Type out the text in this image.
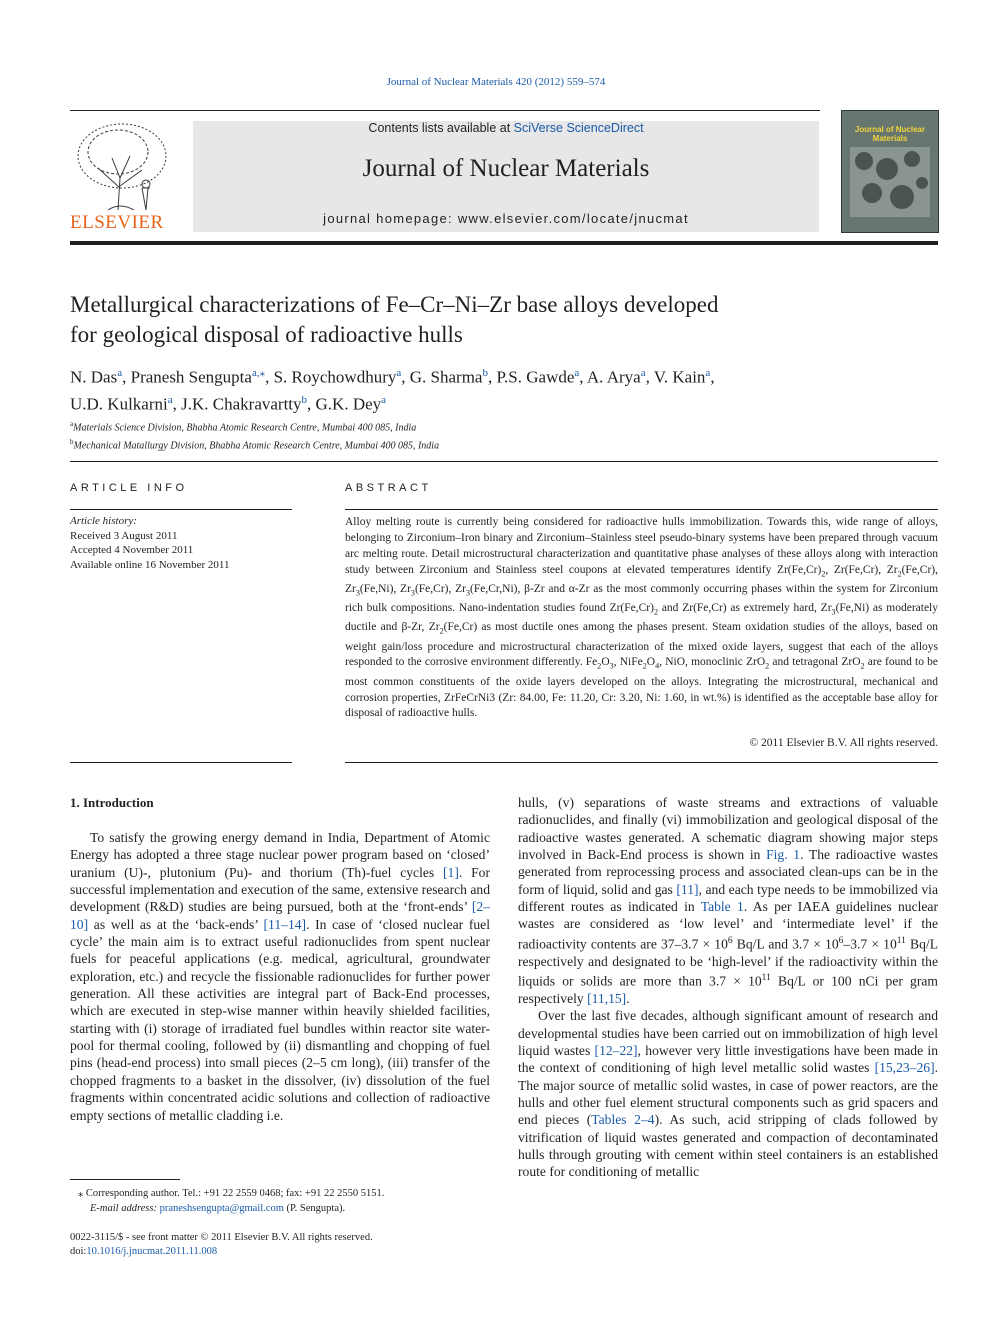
Journal of Nuclear Materials 420 (2012) 559–574
ELSEVIER
Contents lists available at SciVerse ScienceDirect
Journal of Nuclear Materials
journal homepage: www.elsevier.com/locate/jnucmat
Journal of Nuclear Materials
Metallurgical characterizations of Fe–Cr–Ni–Zr base alloys developed
for geological disposal of radioactive hulls
N. Das$^a$, Pranesh Sengupta$^{a,⁎}$, S. Roychowdhury$^a$, G. Sharma$^b$, P.S. Gawde$^a$, A. Arya$^a$, V. Kain$^a$,
U.D. Kulkarni$^a$, J.K. Chakravartty$^b$, G.K. Dey$^a$
$^a$Materials Science Division, Bhabha Atomic Research Centre, Mumbai 400 085, India
$^b$Mechanical Matallurgy Division, Bhabha Atomic Research Centre, Mumbai 400 085, India
ARTICLE INFO	ABSTRACT
Article history:
Received 3 August 2011
Accepted 4 November 2011
Available online 16 November 2011
Alloy melting route is currently being considered for radioactive hulls immobilization. Towards this, wide range of alloys, belonging to Zirconium–Iron binary and Zirconium–Stainless steel pseudo-binary systems have been prepared through vacuum arc melting route. Detail microstructural characterization and quantitative phase analyses of these alloys along with interaction study between Zirconium and Stainless steel coupons at elevated temperatures identify $Zr(Fe,Cr)_2$, Zr(Fe,Cr), $Zr_2(Fe,Cr)$, $Zr_3(Fe,Ni)$, $Zr_3(Fe,Cr)$, $Zr_3(Fe,Cr,Ni)$, β-Zr and α-Zr as the most commonly occurring phases within the system for Zirconium rich bulk compositions. Nano-indentation studies found $Zr(Fe,Cr)_2$ and Zr(Fe,Cr) as extremely hard, $Zr_3(Fe,Ni)$ as moderately ductile and β-Zr, $Zr_2(Fe,Cr)$ as most ductile ones among the phases present. Steam oxidation studies of the alloys, based on weight gain/loss procedure and microstructural characterization of the mixed oxide layers, suggest that each of the alloys responded to the corrosive environment differently. $Fe_2O_3$, $NiFe_2O_4$, NiO, monoclinic ZrO$_2$ and tetragonal ZrO$_2$ are found to be most common constituents of the oxide layers developed on the alloys. Integrating the microstructural, mechanical and corrosion properties, ZrFeCrNi3 (Zr: 84.00, Fe: 11.20, Cr: 3.20, Ni: 1.60, in wt.%) is identified as the acceptable base alloy for disposal of radioactive hulls.
© 2011 Elsevier B.V. All rights reserved.
1. Introduction

To satisfy the growing energy demand in India, Department of Atomic Energy has adopted a three stage nuclear power program based on ‘closed’ uranium (U)-, plutonium (Pu)- and thorium (Th)-fuel cycles [1]. For successful implementation and execution of the same, extensive research and development (R&D) studies are being pursued, both at the ‘front-ends’ [2–10] as well as at the ‘back-ends’ [11–14]. In case of ‘closed nuclear fuel cycle’ the main aim is to extract useful radionuclides from spent nuclear fuels for peaceful applications (e.g. medical, agricultural, groundwater exploration, etc.) and recycle the fissionable radionuclides for further power generation. All these activities are integral part of Back-End processes, which are executed in step-wise manner within heavily shielded facilities, starting with (i) storage of irradiated fuel bundles within reactor site water-pool for thermal cooling, followed by (ii) dismantling and chopping of fuel pins (head-end process) into small pieces (2–5 cm long), (iii) transfer of the chopped fragments to a basket in the dissolver, (iv) dissolution of the fuel fragments within concentrated acidic solutions and collection of radioactive empty sections of metallic cladding i.e.

hulls, (v) separations of waste streams and extractions of valuable radionuclides, and finally (vi) immobilization and geological disposal of the radioactive wastes generated. A schematic diagram showing major steps involved in Back-End process is shown in Fig. 1. The radioactive wastes generated from reprocessing process and associated clean-ups can be in the form of liquid, solid and gas [11], and each type needs to be immobilized via different routes as indicated in Table 1. As per IAEA guidelines nuclear wastes are considered as ‘low level’ and ‘intermediate level’ if the radioactivity contents are $37-3.7 \times 10^6$ Bq/L and $3.7 \times 10^6-3.7 \times 10^{11}$ Bq/L respectively and designated to be ‘high-level’ if the radioactivity within the liquids or solids are more than $3.7 \times 10^{11}$ Bq/L or 100 nCi per gram respectively [11,15].

Over the last five decades, although significant amount of research and developmental studies have been carried out on immobilization of high level liquid wastes [12–22], however very little investigations have been made in the context of conditioning of high level metallic solid wastes [15,23–26]. The major source of metallic solid wastes, in case of power reactors, are the hulls and other fuel element structural components such as grid spacers and end pieces (Tables 2–4). As such, acid stripping of clads followed by vitrification of liquid wastes generated and compaction of decontaminated hulls through grouting with cement within steel containers is an established route for conditioning of metallic

⁎ Corresponding author. Tel.: +91 22 2559 0468; fax: +91 22 2550 5151.
E-mail address: praneshsengupta@gmail.com (P. Sengupta).
0022-3115/$ - see front matter © 2011 Elsevier B.V. All rights reserved.
doi:10.1016/j.jnucmat.2011.11.008
